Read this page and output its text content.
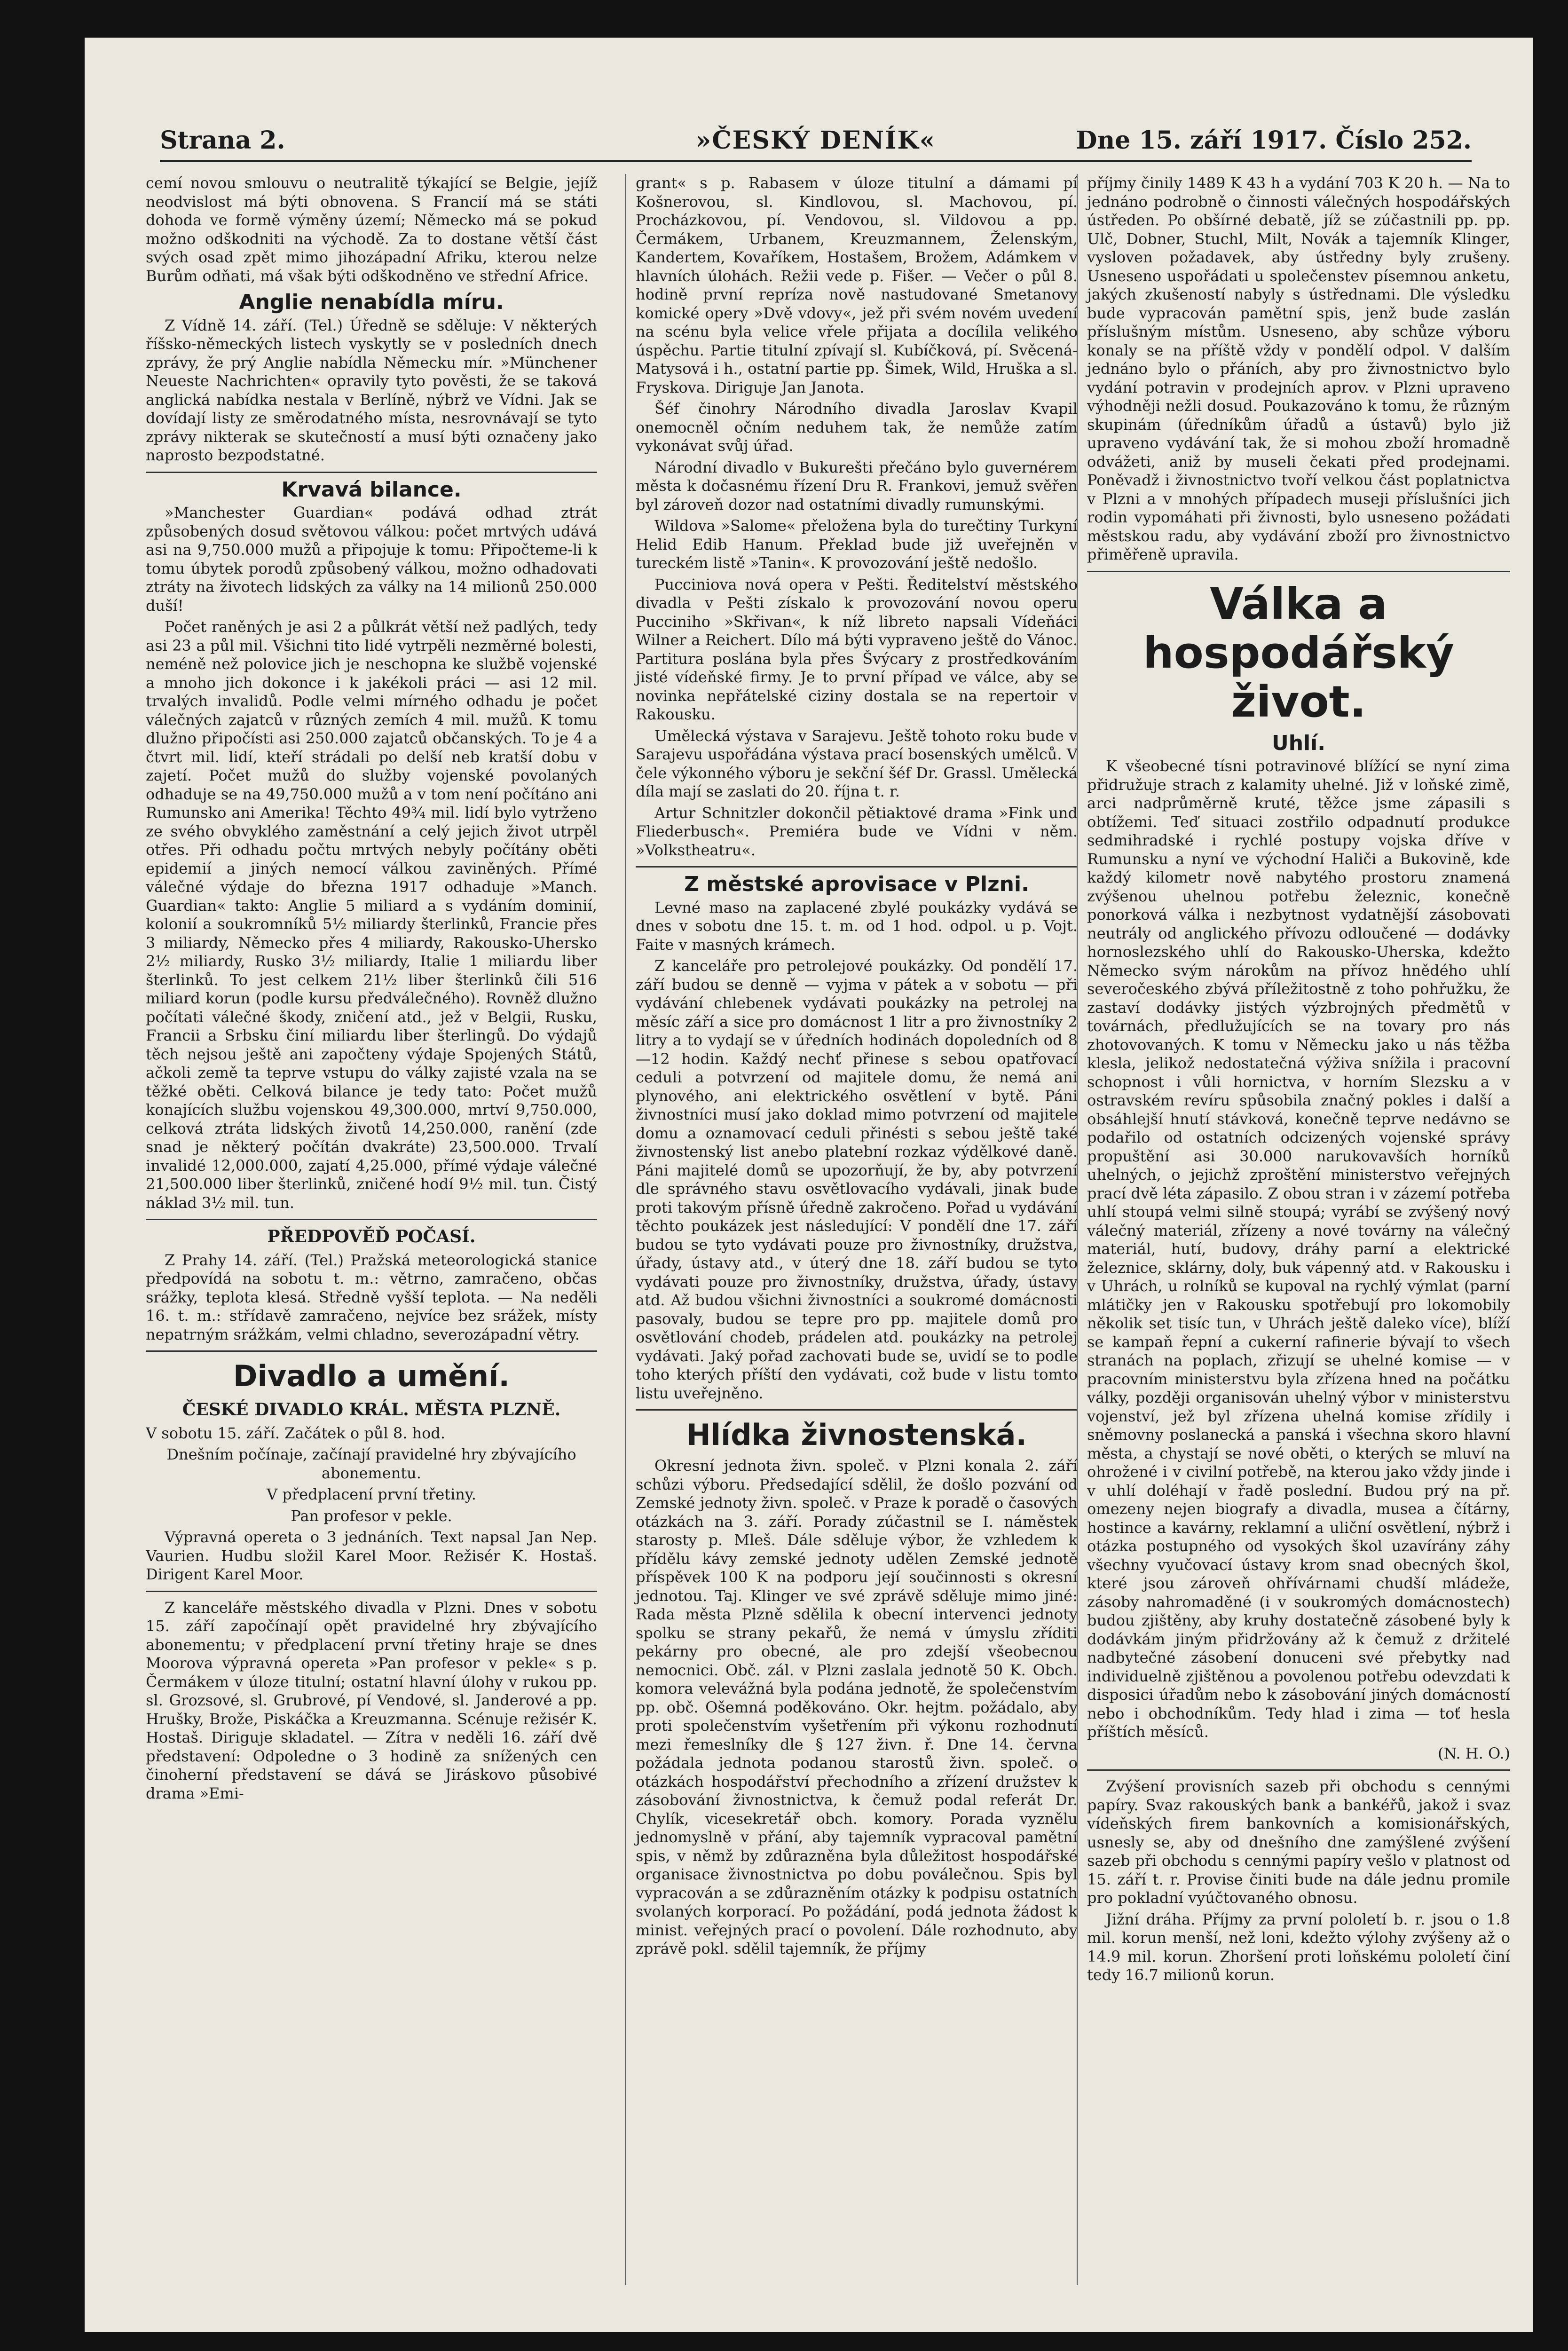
Strana 2.	»ČESKÝ DENÍK«	Dne 15. září 1917. Číslo 252.

cemí novou smlouvu o neutralitě týkající se Belgie, jejíž neodvislost má býti obnovena. S Francií má se státi dohoda ve formě výměny území; Německo má se pokud možno odškodniti na východě. Za to dostane větší část svých osad zpět mimo jihozápadní Afriku, kterou nelze Burům odňati, má však býti odškodněno ve střední Africe.

Anglie nenabídla míru.

Z Vídně 14. září. (Tel.) Úředně se sděluje: V některých říšsko-německých listech vyskytly se v posledních dnech zprávy, že prý Anglie nabídla Německu mír. »Münchener Neueste Nachrichten« opravily tyto pověsti, že se taková anglická nabídka nestala v Berlíně, nýbrž ve Vídni. Jak se dovídají listy ze směrodatného místa, nesrovnávají se tyto zprávy nikterak se skutečností a musí býti označeny jako naprosto bezpodstatné.

Krvavá bilance.

»Manchester Guardian« podává odhad ztrát způsobených dosud světovou válkou: počet mrtvých udává asi na 9,750.000 mužů a připojuje k tomu: Připočteme-li k tomu úbytek porodů způsobený válkou, možno odhadovati ztráty na životech lidských za války na 14 milionů 250.000 duší!

Počet raněných je asi 2 a půlkrát větší než padlých, tedy asi 23 a půl mil. Všichni tito lidé vytrpěli nezměrné bolesti, neméně než polovice jich je neschopna ke službě vojenské a mnoho jich dokonce i k jakékoli práci — asi 12 mil. trvalých invalidů. Podle velmi mírného odhadu je počet válečných zajatců v různých zemích 4 mil. mužů. K tomu dlužno připočísti asi 250.000 zajatců občanských. To je 4 a čtvrt mil. lidí, kteří strádali po delší neb kratší dobu v zajetí. Počet mužů do služby vojenské povolaných odhaduje se na 49,750.000 mužů a v tom není počítáno ani Rumunsko ani Amerika! Těchto 49¾ mil. lidí bylo vytrženo ze svého obvyklého zaměstnání a celý jejich život utrpěl otřes. Při odhadu počtu mrtvých nebyly počítány oběti epidemií a jiných nemocí válkou zaviněných. Přímé válečné výdaje do března 1917 odhaduje »Manch. Guardian« takto: Anglie 5 miliard a s vydáním dominií, kolonií a soukromníků 5½ miliardy šterlinků, Francie přes 3 miliardy, Německo přes 4 miliardy, Rakousko-Uhersko 2½ miliardy, Rusko 3½ miliardy, Italie 1 miliardu liber šterlinků. To jest celkem 21½ liber šterlinků čili 516 miliard korun (podle kursu předválečného). Rovněž dlužno počítati válečné škody, zničení atd., jež v Belgii, Rusku, Francii a Srbsku činí miliardu liber šterlingů. Do výdajů těch nejsou ještě ani započteny výdaje Spojených Států, ačkoli země ta teprve vstupu do války zajisté vzala na se těžké oběti. Celková bilance je tedy tato: Počet mužů konajících službu vojenskou 49,300.000, mrtví 9,750.000, celková ztráta lidských životů 14,250.000, ranění (zde snad je některý počítán dvakráte) 23,500.000. Trvalí invalidé 12,000.000, zajatí 4,25.000, přímé výdaje válečné 21,500.000 liber šterlinků, zničené hodí 9½ mil. tun. Čistý náklad 3½ mil. tun.

PŘEDPOVĚĎ POČASÍ.

Z Prahy 14. září. (Tel.) Pražská meteorologická stanice předpovídá na sobotu t. m.: větrno, zamračeno, občas srážky, teplota klesá. Středně vyšší teplota. — Na neděli 16. t. m.: střídavě zamračeno, nejvíce bez srážek, místy nepatrným srážkám, velmi chladno, severozápadní větry.

Divadlo a umění.
ČESKÉ DIVADLO KRÁL. MĚSTA PLZNĚ.

V sobotu 15. září. Začátek o půl 8. hod.

Dnešním počínaje, začínají pravidelné hry zbývajícího abonementu.

V předplacení první třetiny.

Pan profesor v pekle.

Výpravná opereta o 3 jednáních. Text napsal Jan Nep. Vaurien. Hudbu složil Karel Moor. Režisér K. Hostaš. Dirigent Karel Moor.

Z kanceláře městského divadla v Plzni. Dnes v sobotu 15. září započínají opět pravidelné hry zbývajícího abonementu; v předplacení první třetiny hraje se dnes Moorova výpravná opereta »Pan profesor v pekle« s p. Čermákem v úloze titulní; ostatní hlavní úlohy v rukou pp. sl. Grozsové, sl. Grubrové, pí Vendové, sl. Janderové a pp. Hrušky, Brože, Piskáčka a Kreuzmanna. Scénuje režisér K. Hostaš. Diriguje skladatel. — Zítra v neděli 16. září dvě představení: Odpoledne o 3 hodině za snížených cen činoherní představení se dává se Jiráskovo působivé drama »Emi-

grant« s p. Rabasem v úloze titulní a dámami pí Košnerovou, sl. Kindlovou, sl. Machovou, pí. Procházkovou, pí. Vendovou, sl. Vildovou a pp. Čermákem, Urbanem, Kreuzmannem, Želenským, Kandertem, Kovaříkem, Hostašem, Brožem, Adámkem v hlavních úlohách. Režii vede p. Fišer. — Večer o půl 8. hodině první repríza nově nastudované Smetanovy komické opery »Dvě vdovy«, jež při svém novém uvedení na scénu byla velice vřele přijata a docílila velikého úspěchu. Partie titulní zpívají sl. Kubíčková, pí. Svěcená-Matysová i h., ostatní partie pp. Šimek, Wild, Hruška a sl. Fryskova. Diriguje Jan Janota.

Šéf činohry Národního divadla Jaroslav Kvapil onemocněl očním neduhem tak, že nemůže zatím vykonávat svůj úřad.

Národní divadlo v Bukurešti přečáno bylo guvernérem města k dočasnému řízení Dru R. Frankovi, jemuž svěřen byl zároveň dozor nad ostatními divadly rumunskými.

Wildova »Salome« přeložena byla do turečtiny Turkyní Helid Edib Hanum. Překlad bude již uveřejněn v tureckém listě »Tanin«. K provozování ještě nedošlo.

Pucciniova nová opera v Pešti. Ředitelství městského divadla v Pešti získalo k provozování novou operu Pucciniho »Skřivan«, k níž libreto napsali Vídeňáci Wilner a Reichert. Dílo má býti vypraveno ještě do Vánoc. Partitura poslána byla přes Švýcary z prostředkováním jisté vídeňské firmy. Je to první případ ve válce, aby se novinka nepřátelské ciziny dostala se na repertoir v Rakousku.

Umělecká výstava v Sarajevu. Ještě tohoto roku bude v Sarajevu uspořádána výstava prací bosenských umělců. V čele výkonného výboru je sekční šéf Dr. Grassl. Umělecká díla mají se zaslati do 20. října t. r.

Artur Schnitzler dokončil pětiaktové drama »Fink und Fliederbusch«. Premiéra bude ve Vídni v něm. »Volkstheatru«.

Z městské aprovisace v Plzni.

Levné maso na zaplacené zbylé poukázky vydává se dnes v sobotu dne 15. t. m. od 1 hod. odpol. u p. Vojt. Faite v masných krámech.

Z kanceláře pro petrolejové poukázky. Od pondělí 17. září budou se denně — vyjma v pátek a v sobotu — při vydávání chlebenek vydávati poukázky na petrolej na měsíc září a sice pro domácnost 1 litr a pro živnostníky 2 litry a to vydají se v úředních hodinách dopoledních od 8—12 hodin. Každý nechť přinese s sebou opatřovací ceduli a potvrzení od majitele domu, že nemá ani plynového, ani elektrického osvětlení v bytě. Páni živnostníci musí jako doklad mimo potvrzení od majitele domu a oznamovací ceduli přinésti s sebou ještě také živnostenský list anebo platební rozkaz výdělkové daně. Páni majitelé domů se upozorňují, že by, aby potvrzení dle správného stavu osvětlovacího vydávali, jinak bude proti takovým přísně úředně zakročeno. Pořad u vydávání těchto poukázek jest následující: V pondělí dne 17. září budou se tyto vydávati pouze pro živnostníky, družstva, úřady, ústavy atd., v úterý dne 18. září budou se tyto vydávati pouze pro živnostníky, družstva, úřady, ústavy atd. Až budou všichni živnostníci a soukromé domácnosti pasovaly, budou se tepre pro pp. majitele domů pro osvětlování chodeb, prádelen atd. poukázky na petrolej vydávati. Jaký pořad zachovati bude se, uvidí se to podle toho kterých příští den vydávati, což bude v listu tomto listu uveřejněno.

Hlídka živnostenská.

Okresní jednota živn. společ. v Plzni konala 2. září schůzi výboru. Předsedající sdělil, že došlo pozvání od Zemské jednoty živn. společ. v Praze k poradě o časových otázkách na 3. září. Porady zúčastnil se I. náměstek starosty p. Mleš. Dále sděluje výbor, že vzhledem k přídělu kávy zemské jednoty udělen Zemské jednotě příspěvek 100 K na podporu její součinnosti s okresní jednotou. Taj. Klinger ve své zprávě sděluje mimo jiné: Rada města Plzně sdělila k obecní intervenci jednoty spolku se strany pekařů, že nemá v úmyslu zříditi pekárny pro obecné, ale pro zdejší všeobecnou nemocnici. Obč. zál. v Plzni zaslala jednotě 50 K. Obch. komora velevážná byla podána jednotě, že společenstvím pp. obč. Ošemná poděkováno. Okr. hejtm. požádalo, aby proti společenstvím vyšetřením při výkonu rozhodnutí mezi řemeslníky dle § 127 živn. ř. Dne 14. června požádala jednota podanou starostů živn. společ. o otázkách hospodářství přechodního a zřízení družstev k zásobování živnostnictva, k čemuž podal referát Dr. Chylík, vicesekretář obch. komory. Porada vyznělu jednomyslně v přání, aby tajemník vypracoval pamětní spis, v němž by zdůrazněna byla důležitost hospodářské organisace živnostnictva po dobu poválečnou. Spis byl vypracován a se zdůrazněním otázky k podpisu ostatních svolaných korporací. Po požádání, podá jednota žádost k minist. veřejných prací o povolení. Dále rozhodnuto, aby zprávě pokl. sdělil tajemník, že příjmy

příjmy činily 1489 K 43 h a vydání 703 K 20 h. — Na to jednáno podrobně o činnosti válečných hospodářských ústředen. Po obšírné debatě, jíž se zúčastnili pp. pp. Ulč, Dobner, Stuchl, Milt, Novák a tajemník Klinger, vysloven požadavek, aby ústředny byly zrušeny. Usneseno uspořádati u společenstev písemnou anketu, jakých zkušeností nabyly s ústřednami. Dle výsledku bude vypracován pamětní spis, jenž bude zaslán příslušným místům. Usneseno, aby schůze výboru konaly se na příště vždy v pondělí odpol. V dalším jednáno bylo o přáních, aby pro živnostnictvo bylo vydání potravin v prodejních aprov. v Plzni upraveno výhodněji nežli dosud. Poukazováno k tomu, že různým skupinám (úředníkům úřadů a ústavů) bylo již upraveno vydávání tak, že si mohou zboží hromadně odvážeti, aniž by museli čekati před prodejnami. Poněvadž i živnostnictvo tvoří velkou část poplatnictva v Plzni a v mnohých případech museji příslušníci jich rodin vypomáhati při živnosti, bylo usneseno požádati městskou radu, aby vydávání zboží pro živnostnictvo přiměřeně upravila.

Válka a hospodářský život.
Uhlí.

K všeobecné tísni potravinové blížící se nyní zima přidružuje strach z kalamity uhelné. Již v loňské zimě, arci nadprůměrně kruté, těžce jsme zápasili s obtížemi. Teď situaci zostřilo odpadnutí produkce sedmihradské i rychlé postupy vojska dříve v Rumunsku a nyní ve východní Haliči a Bukovině, kde každý kilometr nově nabytého prostoru znamená zvýšenou uhelnou potřebu železnic, konečně ponorková válka i nezbytnost vydatnější zásobovati neutrály od anglického přívozu odloučené — dodávky hornoslezského uhlí do Rakousko-Uherska, kdežto Německo svým nárokům na přívoz hnědého uhlí severočeského zbývá příležitostně z toho pohřužku, že zastaví dodávky jistých výzbrojných předmětů v továrnách, předlužujících se na tovary pro nás zhotovovaných. K tomu v Německu jako u nás těžba klesla, jelikož nedostatečná výživa snížila i pracovní schopnost i vůli hornictva, v horním Slezsku a v ostravském revíru spůsobila značný pokles i další a obsáhlejší hnutí stávková, konečně teprve nedávno se podařilo od ostatních odcizených vojenské správy propuštění asi 30.000 narukovavších horníků uhelných, o jejichž zproštění ministerstvo veřejných prací dvě léta zápasilo. Z obou stran i v zázemí potřeba uhlí stoupá velmi silně stoupá; vyrábí se zvýšený nový válečný materiál, zřízeny a nové továrny na válečný materiál, hutí, budovy, dráhy parní a elektrické železnice, sklárny, doly, buk vápenný atd. v Rakousku i v Uhrách, u rolníků se kupoval na rychlý výmlat (parní mlátičky jen v Rakousku spotřebují pro lokomobily několik set tisíc tun, v Uhrách ještě daleko více), blíží se kampaň řepní a cukerní rafinerie bývají to všech stranách na poplach, zřizují se uhelné komise — v pracovním ministerstvu byla zřízena hned na počátku války, později organisován uhelný výbor v ministerstvu vojenství, jež byl zřízena uhelná komise zřídily i sněmovny poslanecká a panská i všechna skoro hlavní města, a chystají se nové oběti, o kterých se mluví na ohrožené i v civilní potřebě, na kterou jako vždy jinde i v uhlí doléhají v řadě poslední. Budou prý na př. omezeny nejen biografy a divadla, musea a čítárny, hostince a kavárny, reklamní a uliční osvětlení, nýbrž i otázka postupného od vysokých škol uzavírány záhy všechny vyučovací ústavy krom snad obecných škol, které jsou zároveň ohřívárnami chudší mládeže, zásoby nahromaděné (i v soukromých domácnostech) budou zjištěny, aby kruhy dostatečně zásobené byly k dodávkám jiným přidržovány až k čemuž z držitelé nadbytečné zásobení donuceni své přebytky nad individuelně zjištěnou a povolenou potřebu odevzdati k disposici úřadům nebo k zásobování jiných domácností nebo i obchodníkům. Tedy hlad i zima — toť hesla příštích měsíců.

(N. H. O.)

Zvýšení provisních sazeb při obchodu s cennými papíry. Svaz rakouských bank a bankéřů, jakož i svaz vídeňských firem bankovních a komisionářských, usnesly se, aby od dnešního dne zamýšlené zvýšení sazeb při obchodu s cennými papíry vešlo v platnost od 15. září t. r. Provise činiti bude na dále jednu promile pro pokladní vyúčtovaného obnosu.

Jižní dráha. Příjmy za první pololetí b. r. jsou o 1.8 mil. korun menší, než loni, kdežto výlohy zvýšeny až o 14.9 mil. korun. Zhoršení proti loňskému pololetí činí tedy 16.7 milionů korun.
